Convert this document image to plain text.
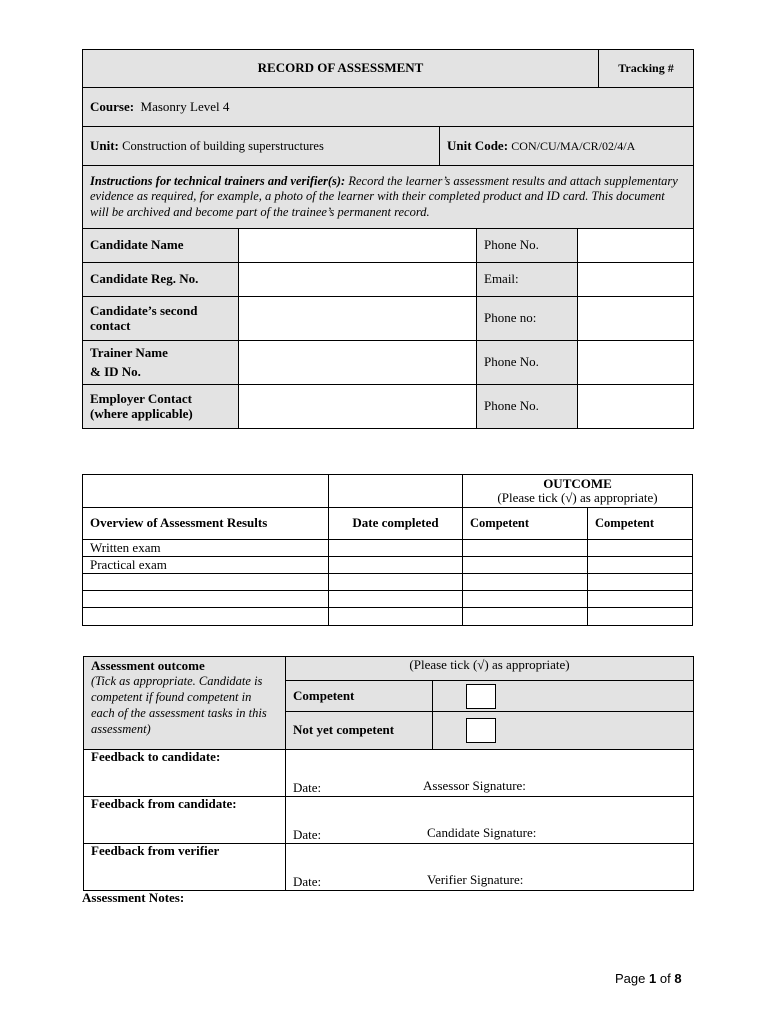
RECORD OF ASSESSMENT	Tracking #
Course: Masonry Level 4
Unit: Construction of building superstructures	Unit Code: CON/CU/MA/CR/02/4/A
Instructions for technical trainers and verifier(s): Record the learner’s assessment results and attach supplementary evidence as required, for example, a photo of the learner with their completed product and ID card. This document will be archived and become part of the trainee’s permanent record.
Candidate Name		Phone No.	
Candidate Reg. No.		Email:	
Candidate’s second contact		Phone no:	
Trainer Name
& ID No.		Phone No.	
Employer Contact (where applicable)		Phone No.	
		OUTCOME
(Please tick (√) as appropriate)	
Overview of Assessment Results	Date completed	Competent	Competent
Written exam			
Practical exam			

Assessment outcome
(Tick as appropriate. Candidate is competent if found competent in each of the assessment tasks in this assessment)	(Please tick (√) as appropriate)	
	Competent	
	Not yet competent	
Feedback to candidate:	Date: Assessor Signature:	

Feedback from candidate:	Date: Candidate Signature:	

Feedback from verifier	Date: Verifier Signature:	
Assessment Notes:
Page 1 of 8
